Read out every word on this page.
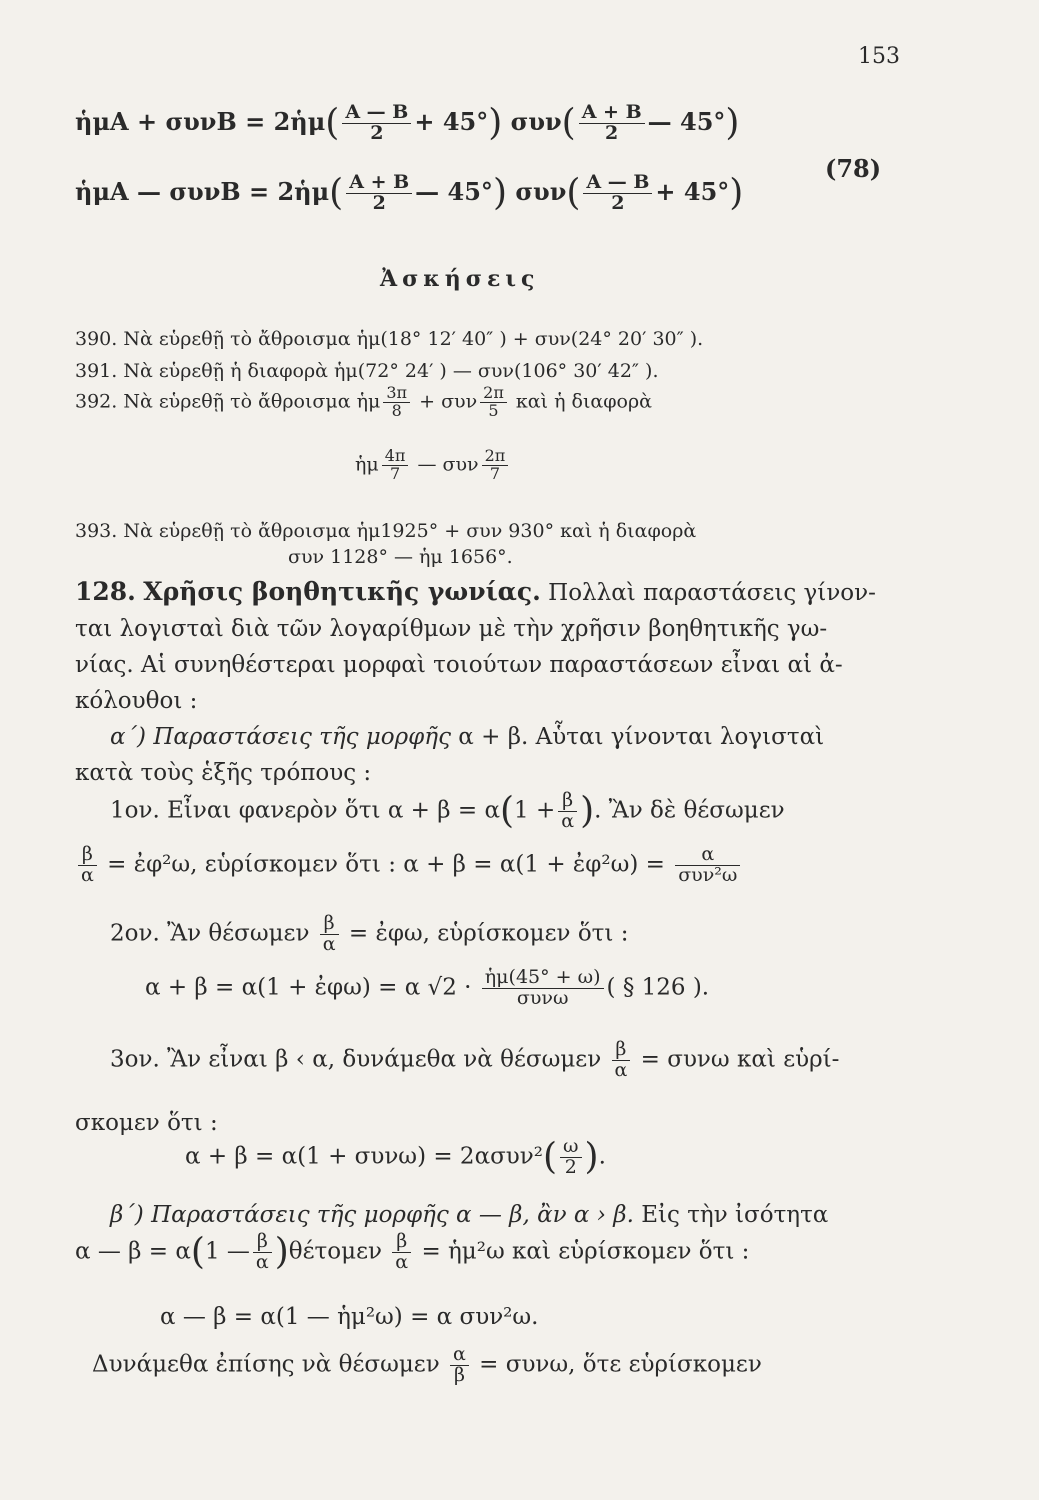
153
ἡμΑ + συνΒ = 2ἡμ( $\frac{A — B}{2} + 45^\circ$) $\sigma\upsilon\nu( \frac{A + B}{2}$ — 45°)
ἡμΑ — συνΒ = 2ἡμ( $\frac{A + B}{2}$ — 45°) $\sigma\upsilon\nu( \frac{A — B}{2} + 45^\circ)$
(78)
Ἀσκήσεις
390. Νὰ εὑρεθῇ τὸ ἄθροισμα ἡμ(18° 12′ 40″ ) + συν(24° 20′ 30″ ).
391. Νὰ εὑρεθῇ ἡ διαφορὰ ἡμ(72° 24′ ) — συν(106° 30′ 42″ ).
392. Νὰ εὑρεθῇ τὸ ἄθροισμα ἡμ $\frac{3\pi}{8} + \sigma\upsilon\nu \frac{2\pi}{5}$ καὶ ἡ διαφορὰ
ἡμ $\frac{4\pi}{7}$ — συν $\frac{2\pi}{7}$
393. Νὰ εὑρεθῇ τὸ ἄθροισμα ἡμ1925° + συν 930° καὶ ἡ διαφορὰ
συν 1128° — ἡμ 1656°.
128. Χρῆσις βοηθητικῆς γωνίας. Πολλαὶ παραστάσεις γίνον-
ται λογισταὶ διὰ τῶν λογαρίθμων μὲ τὴν χρῆσιν βοηθητικῆς γω-
νίας. Αἱ συνηθέστεραι μορφαὶ τοιούτων παραστάσεων εἶναι αἱ ἀ-
κόλουθοι :
α΄) Παραστάσεις τῆς μορφῆς α + β. Αὗται γίνονται λογισταὶ
κατὰ τοὺς ἑξῆς τρόπους :
1ον. Εἶναι φανερὸν ὅτι $\alpha + \beta = \alpha(1 + \frac{\beta}{\alpha}$ ). Ἂν δὲ θέσωμεν
$\frac{\beta}{\alpha}$ = ἐφ²ω, εὑρίσκομεν ὅτι : α + β = α(1 + ἐφ²ω) =	α
συν²ω
2ον. Ἂν θέσωμεν $\frac{\beta}{\alpha}$ = ἐφω, εὑρίσκομεν ὅτι :
α + β = α(1 + ἐφω) = α √2 · ἡμ(45° + ω)
συνω	( § 126 ).
3ον. Ἂν εἶναι β ‹ α, δυνάμεθα νὰ θέσωμεν $\frac{\beta}{\alpha} = \sigma\upsilon\nu\omega$ καὶ εὑρί-
σκομεν ὅτι :
$\alpha + \beta = \alpha(1 + \sigma\upsilon\nu\omega) = 2\alpha\sigma\upsilon\nu^2( \frac{\omega}{2}$ ).
β΄) Παραστάσεις τῆς μορφῆς α — β, ἂν α › β. Εἰς τὴν ἰσότητα
α — β = α(1 — $\frac{\beta}{\alpha} )\theta έ\tau o\mu\varepsilon\nu \frac{\beta}{\alpha}$ = ἡμ²ω καὶ εὑρίσκομεν ὅτι :
α — β = α(1 — ἡμ²ω) = α συν²ω.
Δυνάμεθα ἐπίσης νὰ θέσωμεν $\frac{\alpha}{\beta} = \sigma\upsilon\nu\omega$, ὅτε εὑρίσκομεν
